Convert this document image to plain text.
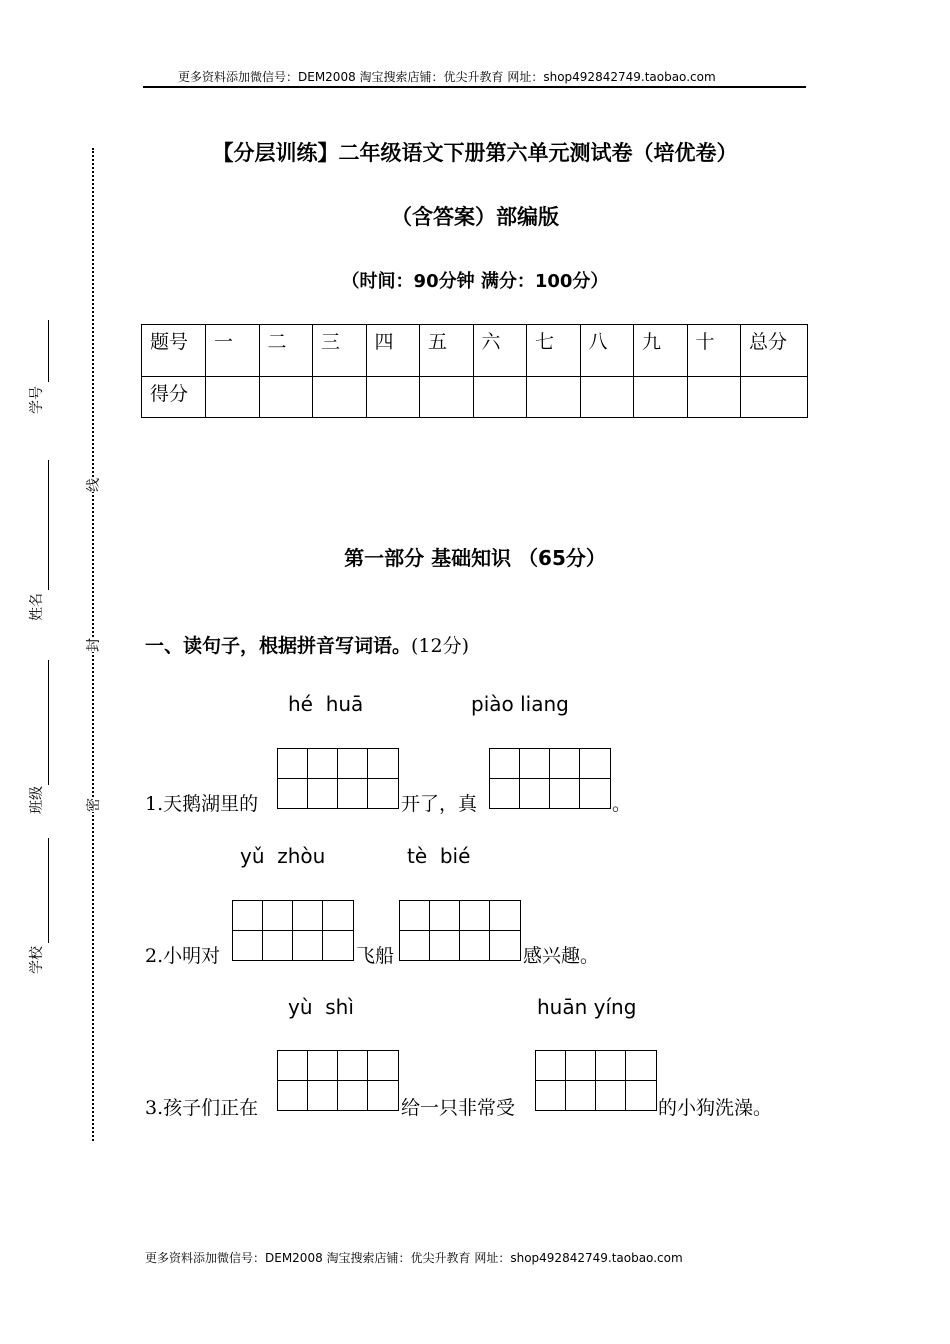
更多资料添加微信号：DEM2008 淘宝搜索店铺：优尖升教育 网址：shop492842749.taobao.com
更多资料添加微信号：DEM2008 淘宝搜索店铺：优尖升教育 网址：shop492842749.taobao.com
学号
姓名
班级
学校
线
封
密
【分层训练】二年级语文下册第六单元测试卷（培优卷）
（含答案）部编版
（时间：90分钟 满分：100分）
题号	一	二	三	四	五	六	七	八	九	十	总分
得分											
第一部分 基础知识 （65分）
一、读句子，根据拼音写词语。(12分)
hé  huā	piào liang
1.天鹅湖里的	开了，真	。
yǔ  zhòu	tè  bié
2.小明对	飞船	感兴趣。
yù  shì	huān yíng
3.孩子们正在	给一只非常受	的小狗洗澡。
